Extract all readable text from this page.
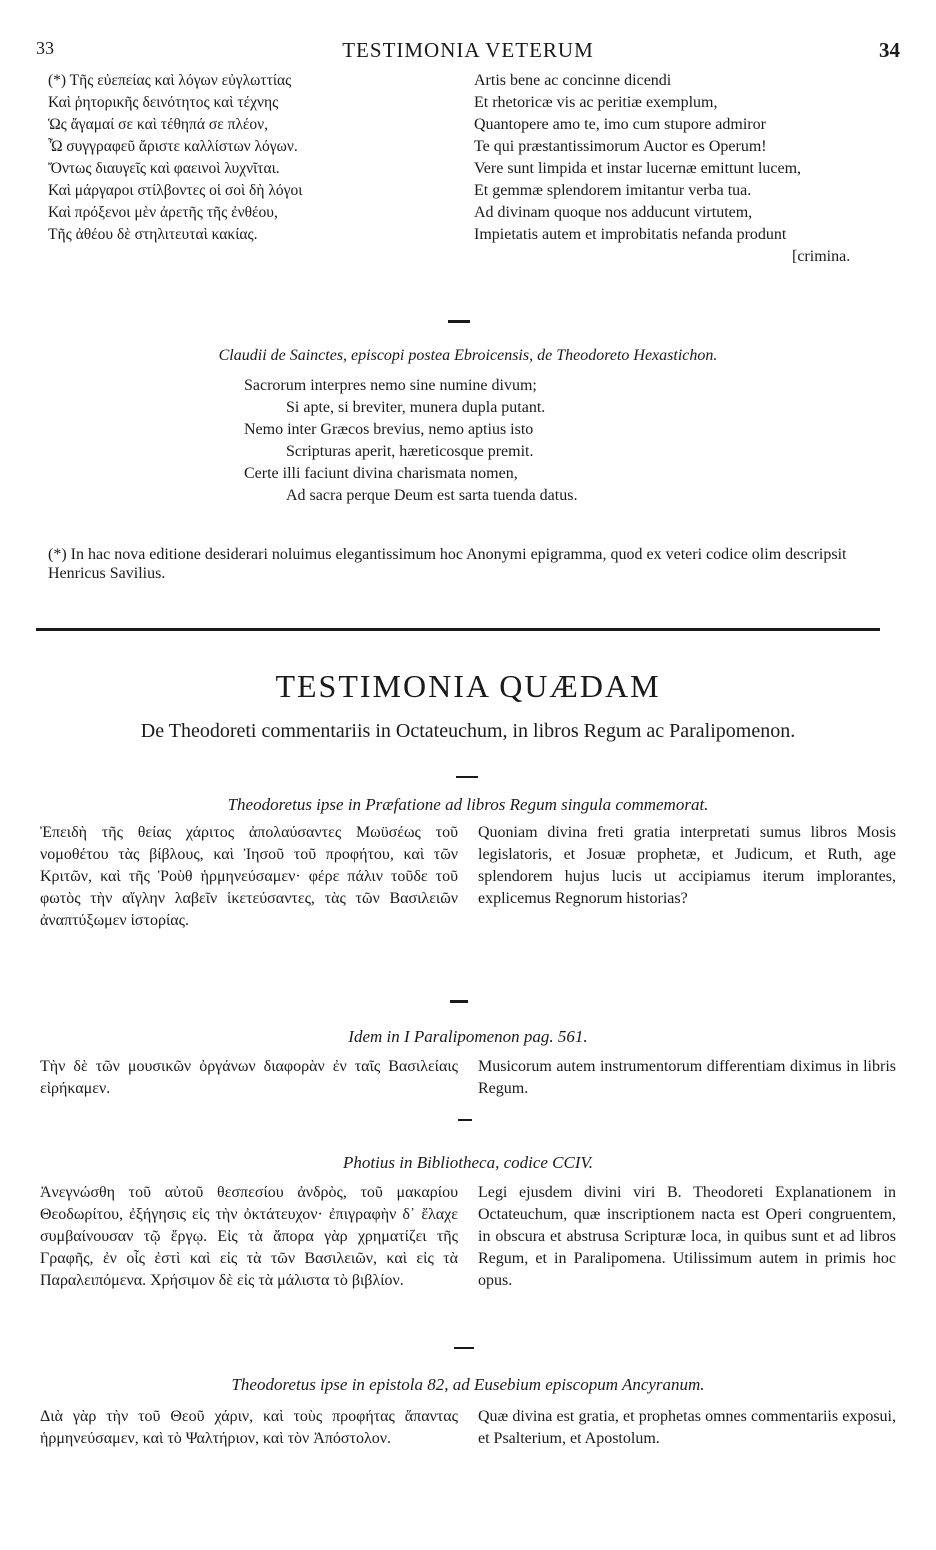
33	TESTIMONIA VETERUM	34
(*) Τῆς εὐεπείας καὶ λόγων εὐγλωττίας
Καὶ ῥητορικῆς δεινότητος καὶ τέχνης
Ὡς ἄγαμαί σε καὶ τέθηπά σε πλέον,
Ὦ συγγραφεῦ ἄριστε καλλίστων λόγων.
Ὄντως διαυγεῖς καὶ φαεινοὶ λυχνῖται.
Καὶ μάργαροι στίλβοντες οἱ σοὶ δὴ λόγοι
Καὶ πρόξενοι μὲν ἀρετῆς τῆς ἐνθέου,
Τῆς ἀθέου δὲ στηλιτευταὶ κακίας.
Artis bene ac concinne dicendi
Et rhetoricæ vis ac peritiæ exemplum,
Quantopere amo te, imo cum stupore admiror
Te qui præstantissimorum Auctor es Operum!
Vere sunt limpida et instar lucernæ emittunt lucem,
Et gemmæ splendorem imitantur verba tua.
Ad divinam quoque nos adducunt virtutem,
Impietatis autem et improbitatis nefanda produnt
[crimina.
Claudii de Sainctes, episcopi postea Ebroicensis, de Theodoreto Hexastichon.
Sacrorum interpres nemo sine numine divum;
Si apte, si breviter, munera dupla putant.
Nemo inter Græcos brevius, nemo aptius isto
Scripturas aperit, hæreticosque premit.
Certe illi faciunt divina charismata nomen,
Ad sacra perque Deum est sarta tuenda datus.
(*) In hac nova editione desiderari noluimus elegantissimum hoc Anonymi epigramma, quod ex veteri codice olim descripsit Henricus Savilius.
TESTIMONIA QUÆDAM
De Theodoreti commentariis in Octateuchum, in libros Regum ac Paralipomenon.
Theodoretus ipse in Præfatione ad libros Regum singula commemorat.
Ἐπειδὴ τῆς θείας χάριτος ἀπολαύσαντες Μωϋσέως τοῦ νομοθέτου τὰς βίβλους, καὶ Ἰησοῦ τοῦ προφήτου, καὶ τῶν Κριτῶν, καὶ τῆς Ῥοὺθ ἡρμηνεύσαμεν· φέρε πάλιν τοῦδε τοῦ φωτὸς τὴν αἴγλην λαβεῖν ἱκετεύσαντες, τὰς τῶν Βασιλειῶν ἀναπτύξωμεν ἱστορίας.
Quoniam divina freti gratia interpretati sumus libros Mosis legislatoris, et Josuæ prophetæ, et Judicum, et Ruth, age splendorem hujus lucis ut accipiamus iterum implorantes, explicemus Regnorum historias?
Idem in I Paralipomenon pag. 561.
Τὴν δὲ τῶν μουσικῶν ὀργάνων διαφορὰν ἐν ταῖς Βασιλείαις εἰρήκαμεν.
Musicorum autem instrumentorum differentiam diximus in libris Regum.
Photius in Bibliotheca, codice CCIV.
Ἀνεγνώσθη τοῦ αὐτοῦ θεσπεσίου ἀνδρὸς, τοῦ μακαρίου Θεοδωρίτου, ἐξήγησις εἰς τὴν ὀκτάτευχον· ἐπιγραφὴν δ᾽ ἔλαχε συμβαίνουσαν τῷ ἔργῳ. Εἰς τὰ ἄπορα γὰρ χρηματίζει τῆς Γραφῆς, ἐν οἷς ἐστὶ καὶ εἰς τὰ τῶν Βασιλειῶν, καὶ εἰς τὰ Παραλειπόμενα. Χρήσιμον δὲ εἰς τὰ μάλιστα τὸ βιβλίον.
Legi ejusdem divini viri B. Theodoreti Explanationem in Octateuchum, quæ inscriptionem nacta est Operi congruentem, in obscura et abstrusa Scripturæ loca, in quibus sunt et ad libros Regum, et in Paralipomena. Utilissimum autem in primis hoc opus.
Theodoretus ipse in epistola 82, ad Eusebium episcopum Ancyranum.
Διὰ γὰρ τὴν τοῦ Θεοῦ χάριν, καὶ τοὺς προφήτας ἅπαντας ἡρμηνεύσαμεν, καὶ τὸ Ψαλτήριον, καὶ τὸν Ἀπόστολον.
Quæ divina est gratia, et prophetas omnes commentariis exposui, et Psalterium, et Apostolum.
